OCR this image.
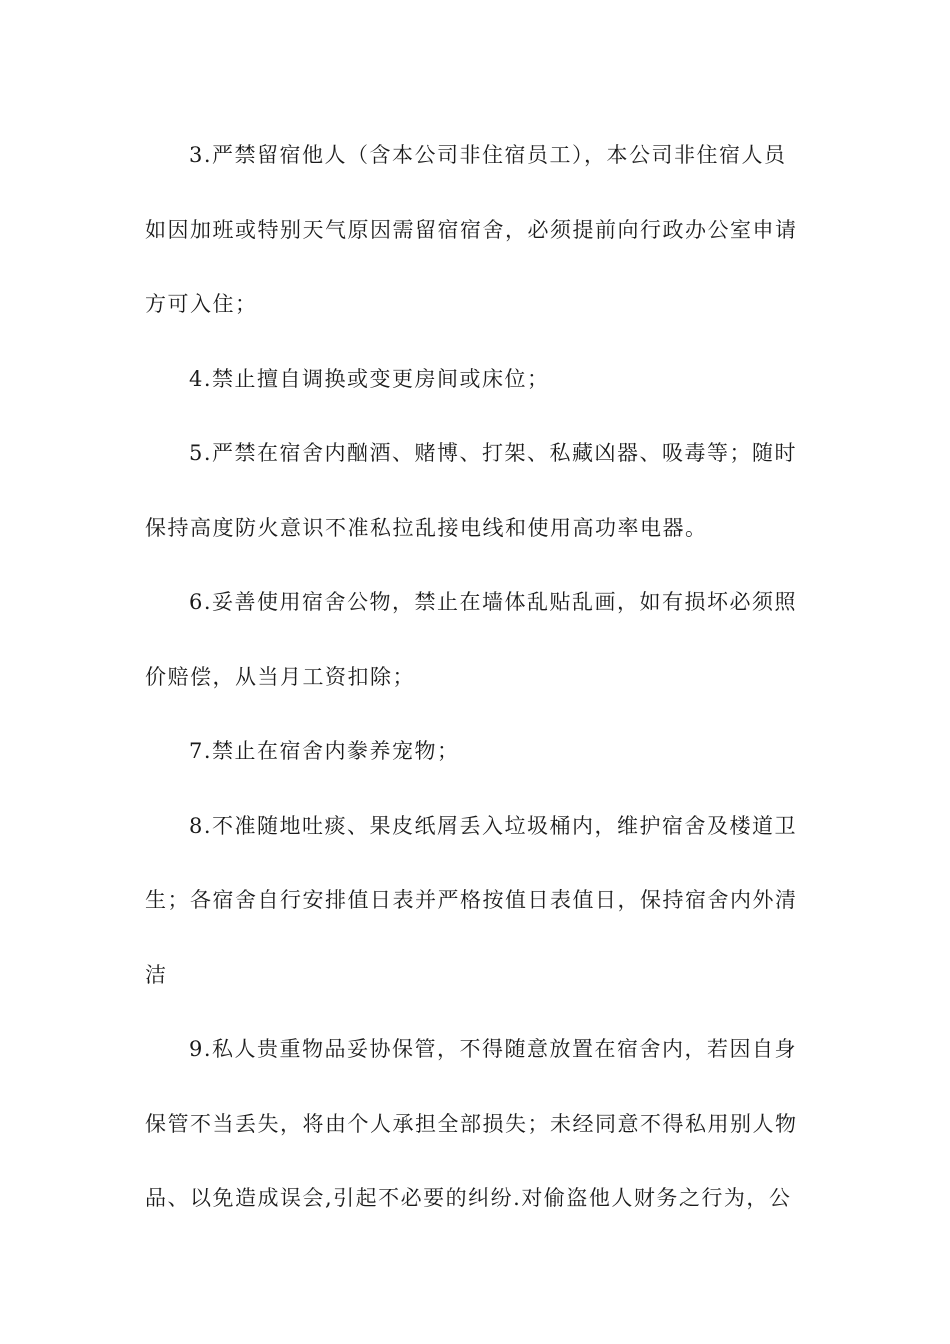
3.严禁留宿他人（含本公司非住宿员工），本公司非住宿人员
如因加班或特别天气原因需留宿宿舍，必须提前向行政办公室申请
方可入住；
4.禁止擅自调换或变更房间或床位；
5.严禁在宿舍内酗酒、赌博、打架、私藏凶器、吸毒等；随时
保持高度防火意识不准私拉乱接电线和使用高功率电器。
6.妥善使用宿舍公物，禁止在墙体乱贴乱画，如有损坏必须照
价赔偿，从当月工资扣除；
7.禁止在宿舍内豢养宠物；
8.不准随地吐痰、果皮纸屑丢入垃圾桶内，维护宿舍及楼道卫
生；各宿舍自行安排值日表并严格按值日表值日，保持宿舍内外清
洁
9.私人贵重物品妥协保管，不得随意放置在宿舍内，若因自身
保管不当丢失，将由个人承担全部损失；未经同意不得私用别人物
品、以免造成误会,引起不必要的纠纷.对偷盗他人财务之行为，公
